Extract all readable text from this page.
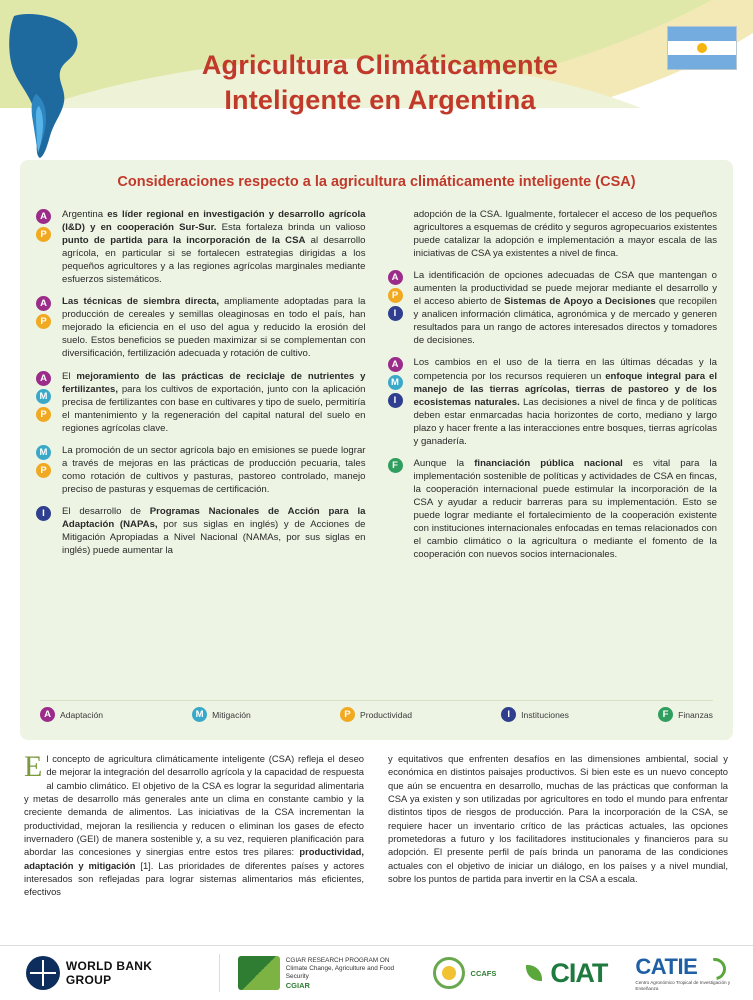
Agricultura Climáticamente
Inteligente en Argentina
Consideraciones respecto a la agricultura climáticamente inteligente (CSA)
A
P
Argentina es líder regional en investigación y desarrollo agrícola (I&D) y en cooperación Sur-Sur. Esta fortaleza brinda un valioso punto de partida para la incorporación de la CSA al desarrollo agrícola, en particular si se fortalecen estrategias dirigidas a los pequeños agricultores y a las regiones agrícolas marginales mediante esfuerzos sistemáticos.
A
P
Las técnicas de siembra directa, ampliamente adoptadas para la producción de cereales y semillas oleaginosas en todo el país, han mejorado la eficiencia en el uso del agua y reducido la erosión del suelo. Estos beneficios se pueden maximizar si se complementan con diversificación, fertilización adecuada y rotación de cultivo.
A
M
P
El mejoramiento de las prácticas de reciclaje de nutrientes y fertilizantes, para los cultivos de exportación, junto con la aplicación precisa de fertilizantes con base en cultivares y tipo de suelo, permitiría el mantenimiento y la regeneración del capital natural del suelo en regiones agrícolas clave.
M
P
La promoción de un sector agrícola bajo en emisiones se puede lograr a través de mejoras en las prácticas de producción pecuaria, tales como rotación de cultivos y pasturas, pastoreo controlado, manejo preciso de pasturas y esquemas de certificación.
I	El desarrollo de Programas Nacionales de Acción para la Adaptación (NAPAs, por sus siglas en inglés) y de Acciones de Mitigación Apropiadas a Nivel Nacional (NAMAs, por sus siglas en inglés) puede aumentar la
adopción de la CSA. Igualmente, fortalecer el acceso de los pequeños agricultores a esquemas de crédito y seguros agropecuarios existentes puede catalizar la adopción e implementación a mayor escala de las iniciativas de CSA ya existentes a nivel de finca.
A
P
I
La identificación de opciones adecuadas de CSA que mantengan o aumenten la productividad se puede mejorar mediante el desarrollo y el acceso abierto de Sistemas de Apoyo a Decisiones que recopilen y analicen información climática, agronómica y de mercado y generen resultados para un rango de actores interesados directos y tomadores de decisiones.
A
M
I
Los cambios en el uso de la tierra en las últimas décadas y la competencia por los recursos requieren un enfoque integral para el manejo de las tierras agrícolas, tierras de pastoreo y de los ecosistemas naturales. Las decisiones a nivel de finca y de políticas deben estar enmarcadas hacia horizontes de corto, mediano y largo plazo y hacer frente a las interacciones entre bosques, tierras agrícolas y ganadería.
F	Aunque la financiación pública nacional es vital para la implementación sostenible de políticas y actividades de CSA en fincas, la cooperación internacional puede estimular la incorporación de la CSA y ayudar a reducir barreras para su implementación. Esto se puede lograr mediante el fortalecimiento de la cooperación existente con instituciones internacionales enfocadas en temas relacionados con el cambio climático o la agricultura o mediante el fomento de la cooperación con nuevos socios internacionales.
A	Adaptación	M Mitigación	P	Productividad	I	Instituciones	F	Finanzas
E l concepto de agricultura climáticamente inteligente (CSA) refleja el deseo de mejorar la integración del desarrollo agrícola y la capacidad de respuesta al cambio climático. El objetivo de la CSA es lograr la seguridad alimentaria y metas de desarrollo más generales ante un clima en constante cambio y la creciente demanda de alimentos. Las iniciativas de la CSA incrementan la productividad, mejoran la resiliencia y reducen o eliminan los gases de efecto invernadero (GEI) de manera sostenible y, a su vez, requieren planificación para abordar las concesiones y sinergias entre estos tres pilares: productividad, adaptación y mitigación [1]. Las prioridades de diferentes países y actores interesados son reflejadas para lograr sistemas alimentarios más eficientes, efectivos
y equitativos que enfrenten desafíos en las dimensiones ambiental, social y económica en distintos paisajes productivos. Si bien este es un nuevo concepto que aún se encuentra en desarrollo, muchas de las prácticas que conforman la CSA ya existen y son utilizadas por agricultores en todo el mundo para enfrentar distintos tipos de riesgos de producción. Para la incorporación de la CSA, se requiere hacer un inventario crítico de las prácticas actuales, las opciones prometedoras a futuro y los facilitadores institucionales y financieros para su adopción. El presente perfil de país brinda un panorama de las condiciones actuales con el objetivo de iniciar un diálogo, en los países y a nivel mundial, sobre los puntos de partida para invertir en la CSA a escala.
WORLD BANK GROUP
CGIAR RESEARCH PROGRAM ON
Climate Change, Agriculture and Food Security
CGIAR
CCAFS CIAT CATIE
Centro Agronómico Tropical de Investigación y Enseñanza
